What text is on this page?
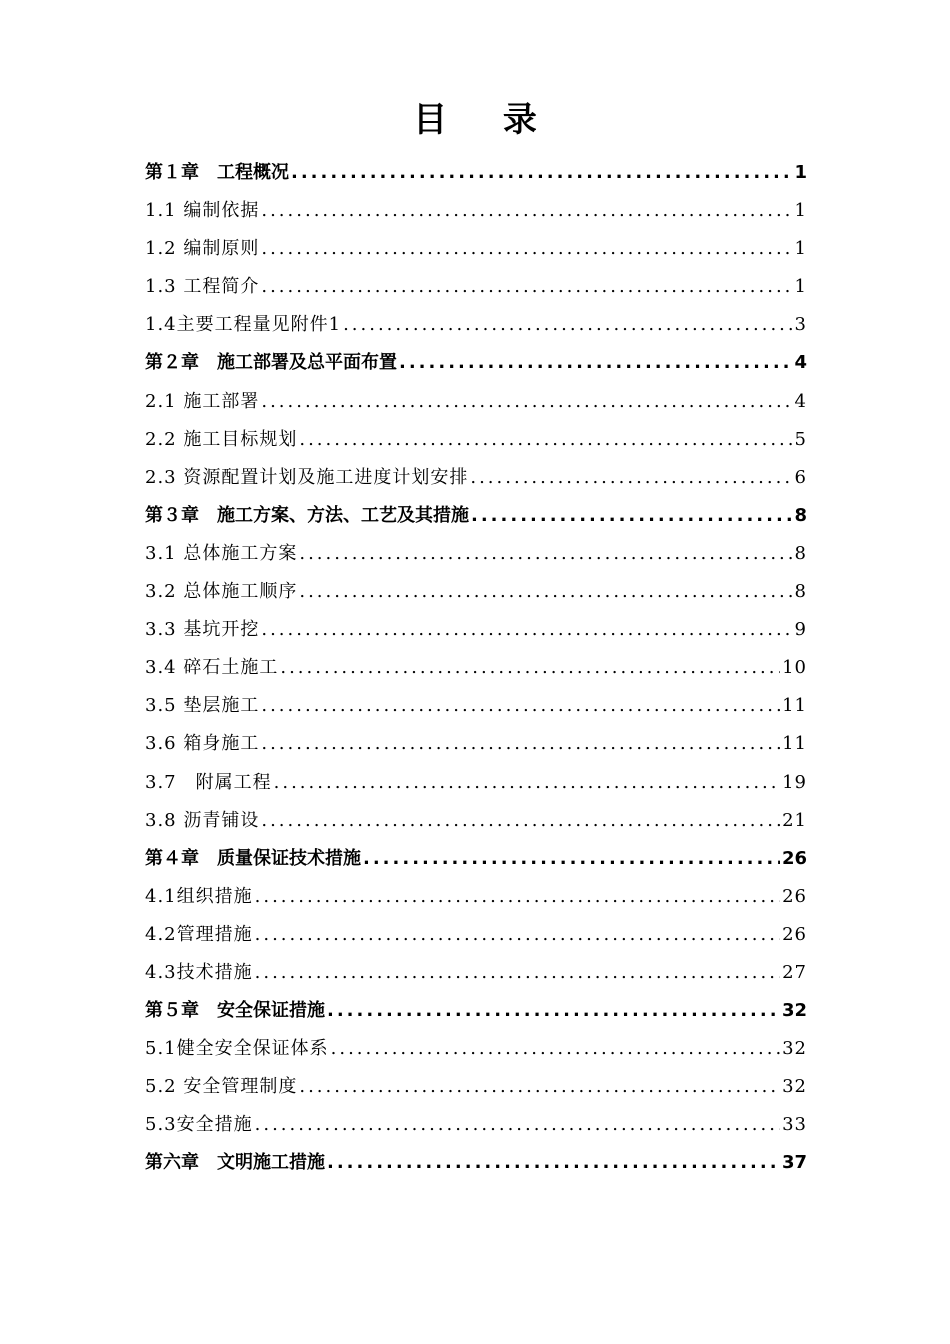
目 录
第１章　工程概况 .....	1
1.1 编制依据 .....	1
1.2 编制原则 .....	1
1.3 工程简介 .....	1
1.4主要工程量见附件1 .....	3
第２章　施工部署及总平面布置 .....	4
2.1 施工部署 .....	4
2.2 施工目标规划 .....	5
2.3 资源配置计划及施工进度计划安排 .....	6
第３章　施工方案、方法、工艺及其措施 .....	8
3.1 总体施工方案 .....	8
3.2 总体施工顺序 .....	8
3.3 基坑开挖 .....	9
3.4 碎石土施工 .....	10
3.5 垫层施工 .....	11
3.6 箱身施工 .....	11
3.7　附属工程 .....	19
3.8 沥青铺设 .....	21
第４章　质量保证技术措施 .....	26
4.1组织措施 .....	26
4.2管理措施 .....	26
4.3技术措施 .....	27
第５章　安全保证措施 .....	32
5.1健全安全保证体系 .....	32
5.2 安全管理制度 .....	32
5.3安全措施 .....	33
第六章　文明施工措施 .....	37
